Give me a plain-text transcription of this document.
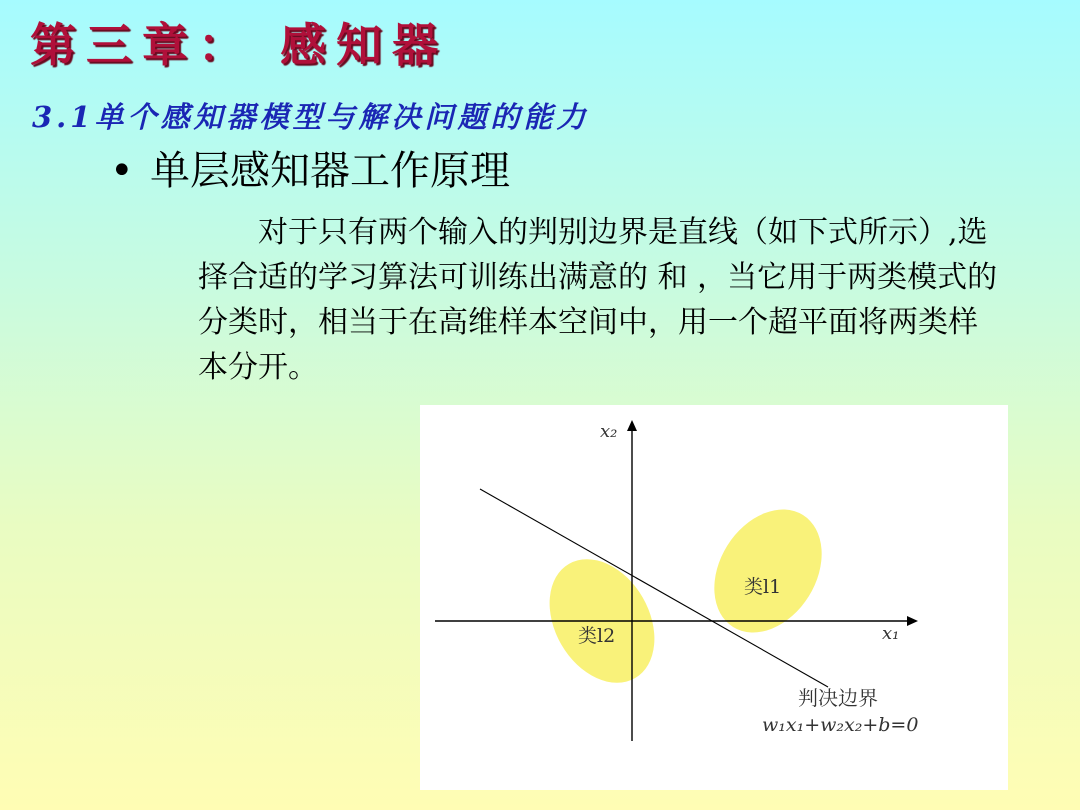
第三章： 感知器
3.1单个感知器模型与解决问题的能力
• 单层感知器工作原理

　　对于只有两个输入的判别边界是直线（如下式所示）,选择合适的学习算法可训练出满意的 和 ，当它用于两类模式的分类时，相当于在高维样本空间中，用一个超平面将两类样本分开。

x₂
x₁
类l1
类l2
判决边界
w₁x₁+w₂x₂+b=0
